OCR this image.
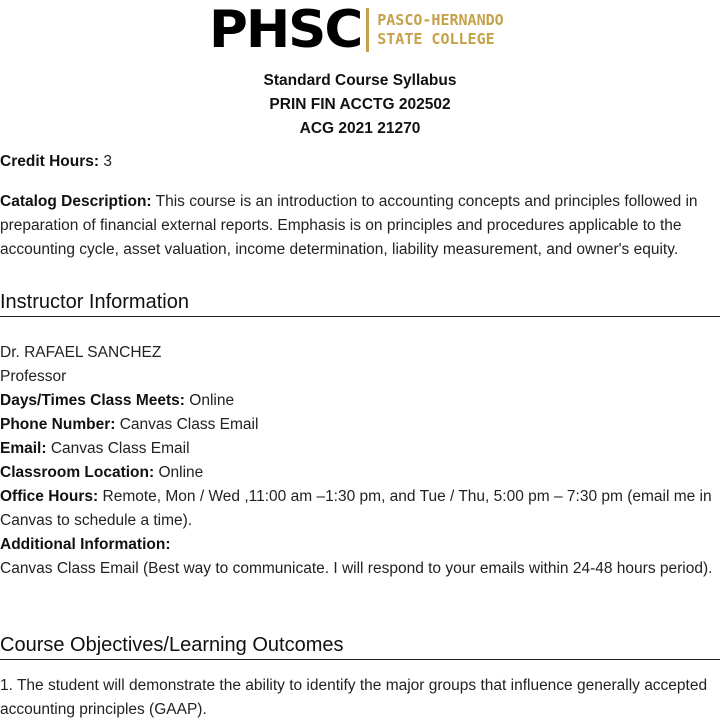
PHSC PASCO-HERNANDO
STATE COLLEGE
Standard Course Syllabus
PRIN FIN ACCTG 202502
ACG 2021 21270
Credit Hours: 3
Catalog Description: This course is an introduction to accounting concepts and principles followed in preparation of financial external reports. Emphasis is on principles and procedures applicable to the accounting cycle, asset valuation, income determination, liability measurement, and owner's equity.
Instructor Information
Dr. RAFAEL SANCHEZ
Professor
Days/Times Class Meets: Online
Phone Number: Canvas Class Email
Email: Canvas Class Email
Classroom Location: Online
Office Hours: Remote, Mon / Wed ,11:00 am –1:30 pm, and Tue / Thu, 5:00 pm – 7:30 pm (email me in Canvas to schedule a time).
Additional Information:
Canvas Class Email (Best way to communicate. I will respond to your emails within 24-48 hours period).
Course Objectives/Learning Outcomes
1. The student will demonstrate the ability to identify the major groups that influence generally accepted accounting principles (GAAP).
